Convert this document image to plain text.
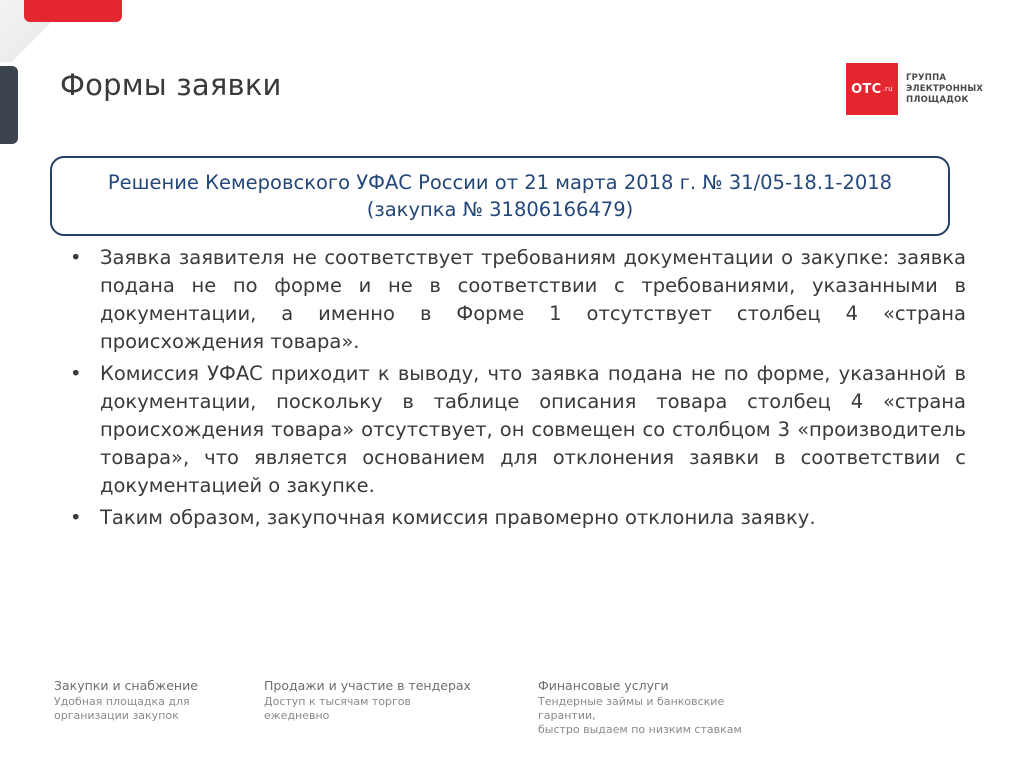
Формы заявки	OTC .ru
ГРУППА
ЭЛЕКТРОННЫХ
ПЛОЩАДОК
Решение Кемеровского УФАС России от 21 марта 2018 г. № 31/05-18.1-2018
(закупка № 31806166479)
• Заявка заявителя не соответствует требованиям документации о закупке: заявка подана не по форме и не в соответствии с требованиями, указанными в документации, а именно в Форме 1 отсутствует столбец 4 «страна происхождения товара».
• Комиссия УФАС приходит к выводу, что заявка подана не по форме, указанной в документации, поскольку в таблице описания товара столбец 4 «страна происхождения товара» отсутствует, он совмещен со столбцом 3 «производитель товара», что является основанием для отклонения заявки в соответствии с документацией о закупке.
• Таким образом, закупочная комиссия правомерно отклонила заявку.
Закупки и снабжение
Удобная площадка для
организации закупок
Продажи и участие в тендерах
Доступ к тысячам торгов
ежедневно
Финансовые услуги
Тендерные займы и банковские
гарантии,
быстро выдаем по низким ставкам
